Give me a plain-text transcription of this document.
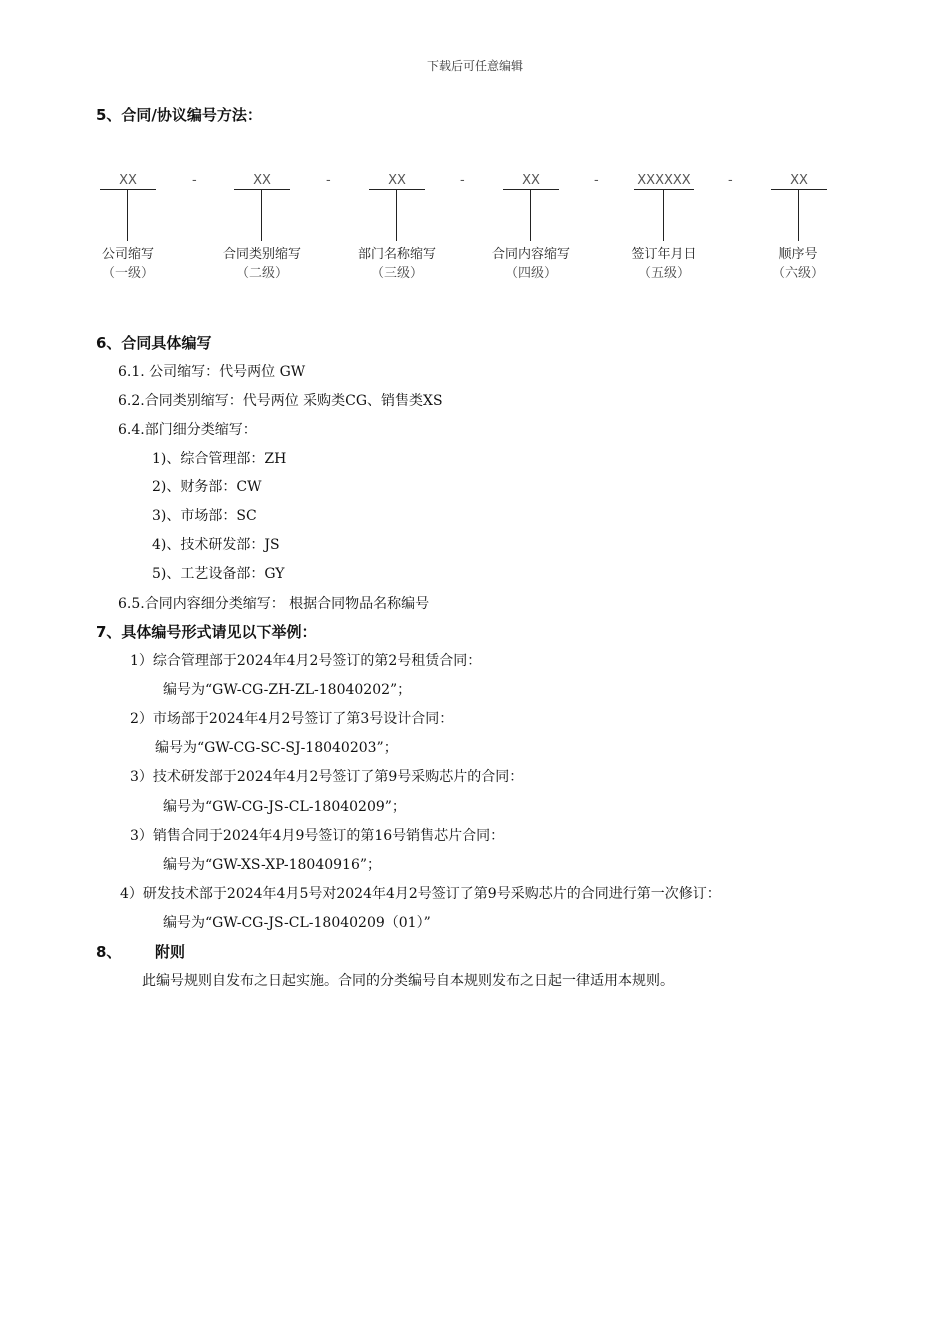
下载后可任意编辑
5、合同/协议编号方法：
XX
公司缩写
（一级）
-	XX
合同类别缩写
（二级）
-	XX
部门名称缩写
（三级）
-	XX
合同内容缩写
（四级）
-	XXXXXX
签订年月日
（五级）
-	XX
顺序号
（六级）
6、合同具体编写
6.1. 公司缩写：代号两位 GW
6.2.合同类别缩写：代号两位 采购类CG、销售类XS
6.4.部门细分类缩写：
1)、综合管理部：ZH
2)、财务部：CW
3)、市场部：SC
4)、技术研发部：JS
5)、工艺设备部：GY
6.5.合同内容细分类缩写： 根据合同物品名称编号
7、具体编号形式请见以下举例：
1）综合管理部于2024年4月2号签订的第2号租赁合同：
编号为“GW-CG-ZH-ZL-18040202”；
2）市场部于2024年4月2号签订了第3号设计合同：
编号为“GW-CG-SC-SJ-18040203”；
3）技术研发部于2024年4月2号签订了第9号采购芯片的合同：
编号为“GW-CG-JS-CL-18040209”；
3）销售合同于2024年4月9号签订的第16号销售芯片合同：
编号为“GW-XS-XP-18040916”；
4）研发技术部于2024年4月5号对2024年4月2号签订了第9号采购芯片的合同进行第一次修订：
编号为“GW-CG-JS-CL-18040209（01）”
8、 附则
此编号规则自发布之日起实施。合同的分类编号自本规则发布之日起一律适用本规则。
